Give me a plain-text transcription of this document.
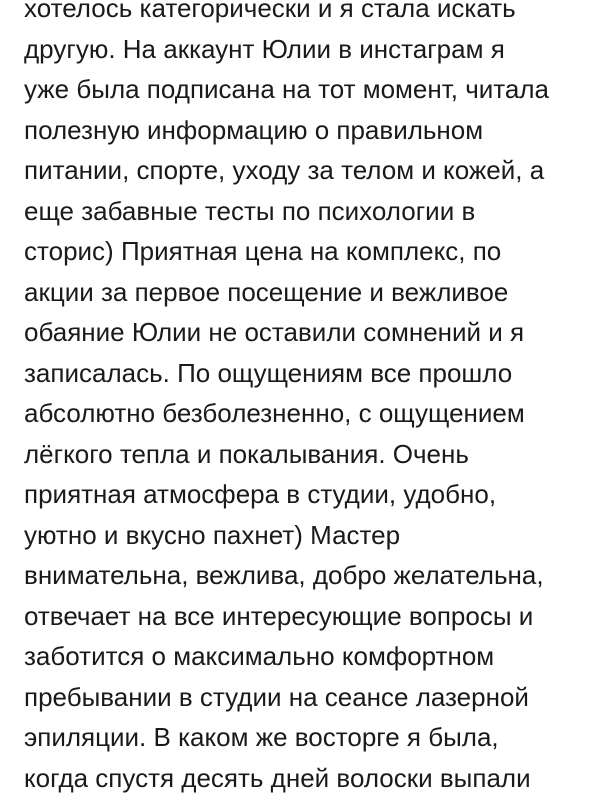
хотелось категорически и я стала искать
другую. На аккаунт Юлии в инстаграм я
уже была подписана на тот момент, читала
полезную информацию о правильном
питании, спорте, уходу за телом и кожей, а
еще забавные тесты по психологии в
сторис) Приятная цена на комплекс, по
акции за первое посещение и вежливое
обаяние Юлии не оставили сомнений и я
записалась. По ощущениям все прошло
абсолютно безболезненно, с ощущением
лёгкого тепла и покалывания. Очень
приятная атмосфера в студии, удобно,
уютно и вкусно пахнет) Мастер
внимательна, вежлива, добро желательна,
отвечает на все интересующие вопросы и
заботится о максимально комфортном
пребывании в студии на сеансе лазерной
эпиляции. В каком же восторге я была,
когда спустя десять дней волоски выпали
